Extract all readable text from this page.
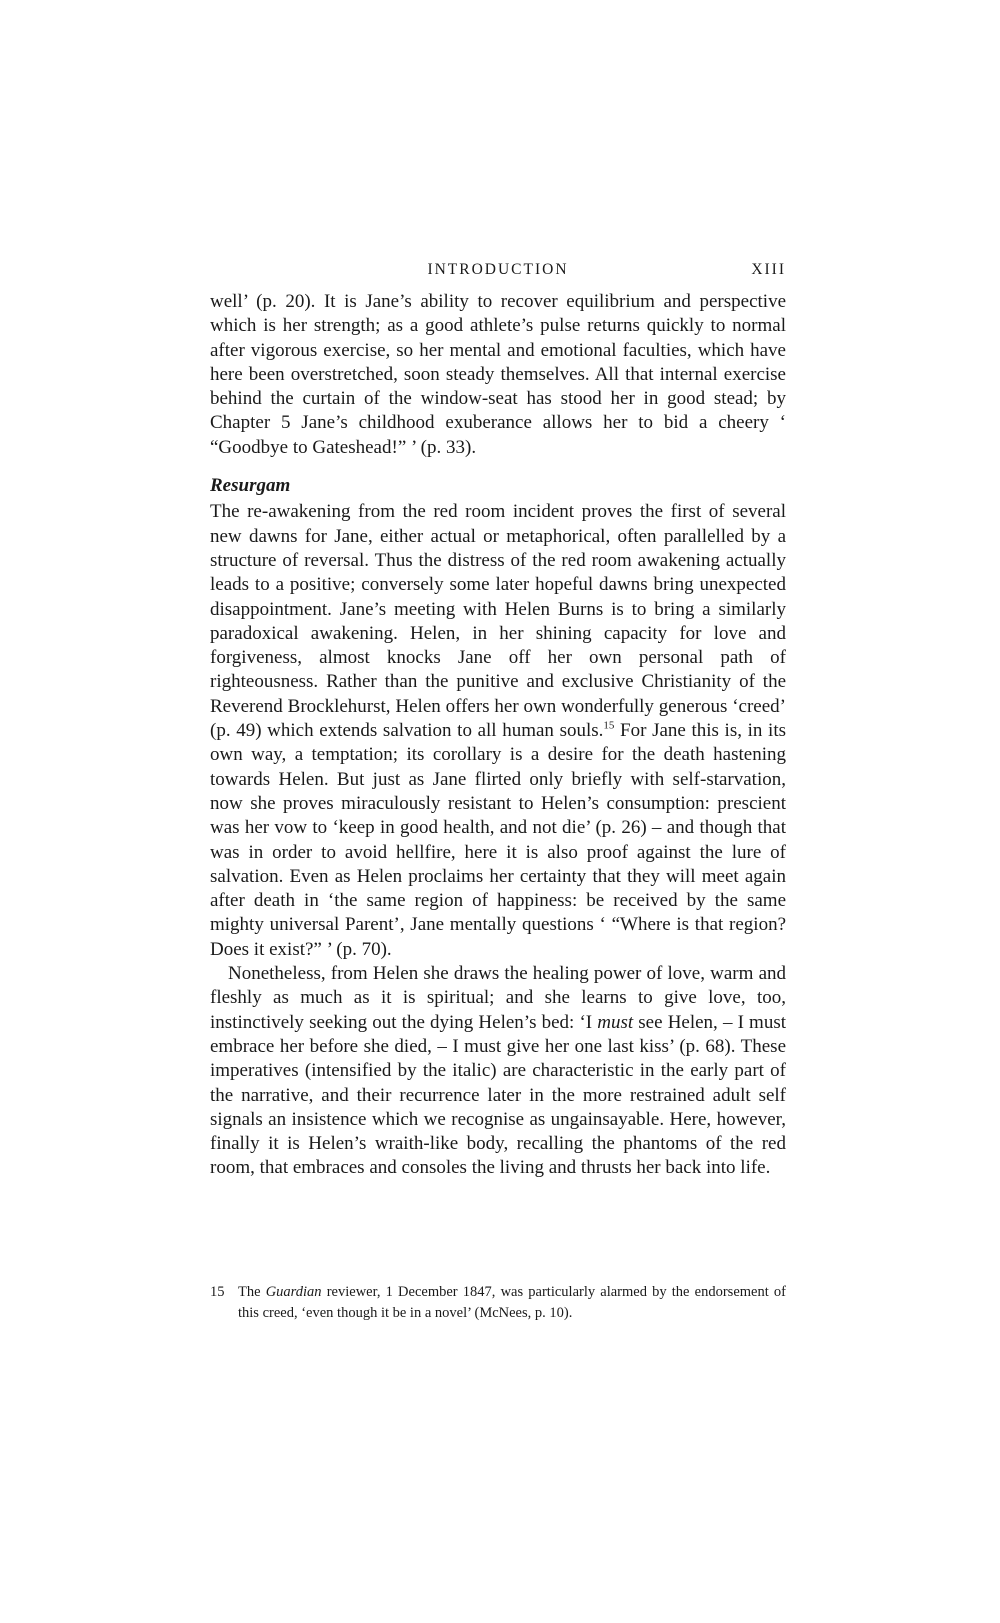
INTRODUCTION	XIII

well’ (p. 20). It is Jane’s ability to recover equilibrium and perspective which is her strength; as a good athlete’s pulse returns quickly to normal after vigorous exercise, so her mental and emotional faculties, which have here been overstretched, soon steady themselves. All that internal exercise behind the curtain of the window-seat has stood her in good stead; by Chapter 5 Jane’s childhood exuberance allows her to bid a cheery ‘ “Goodbye to Gateshead!” ’ (p. 33).

Resurgam

The re-awakening from the red room incident proves the first of several new dawns for Jane, either actual or metaphorical, often parallelled by a structure of reversal. Thus the distress of the red room awakening actually leads to a positive; conversely some later hopeful dawns bring unexpected disappointment. Jane’s meeting with Helen Burns is to bring a similarly paradoxical awakening. Helen, in her shining capacity for love and forgiveness, almost knocks Jane off her own personal path of righteousness. Rather than the punitive and exclusive Christianity of the Reverend Brocklehurst, Helen offers her own wonderfully generous ‘creed’ (p. 49) which extends salvation to all human souls.$^{15}$ For Jane this is, in its own way, a temptation; its corollary is a desire for the death hastening towards Helen. But just as Jane flirted only briefly with self-starvation, now she proves miraculously resistant to Helen’s consumption: prescient was her vow to ‘keep in good health, and not die’ (p. 26) – and though that was in order to avoid hellfire, here it is also proof against the lure of salvation. Even as Helen proclaims her certainty that they will meet again after death in ‘the same region of happiness: be received by the same mighty universal Parent’, Jane mentally questions ‘ “Where is that region? Does it exist?” ’ (p. 70).

Nonetheless, from Helen she draws the healing power of love, warm and fleshly as much as it is spiritual; and she learns to give love, too, instinctively seeking out the dying Helen’s bed: ‘I must see Helen, – I must embrace her before she died, – I must give her one last kiss’ (p. 68). These imperatives (intensified by the italic) are characteristic in the early part of the narrative, and their recurrence later in the more restrained adult self signals an insistence which we recognise as ungainsayable. Here, however, finally it is Helen’s wraith-like body, recalling the phantoms of the red room, that embraces and consoles the living and thrusts her back into life.

15 The Guardian reviewer, 1 December 1847, was particularly alarmed by the endorsement of this creed, ‘even though it be in a novel’ (McNees, p. 10).
